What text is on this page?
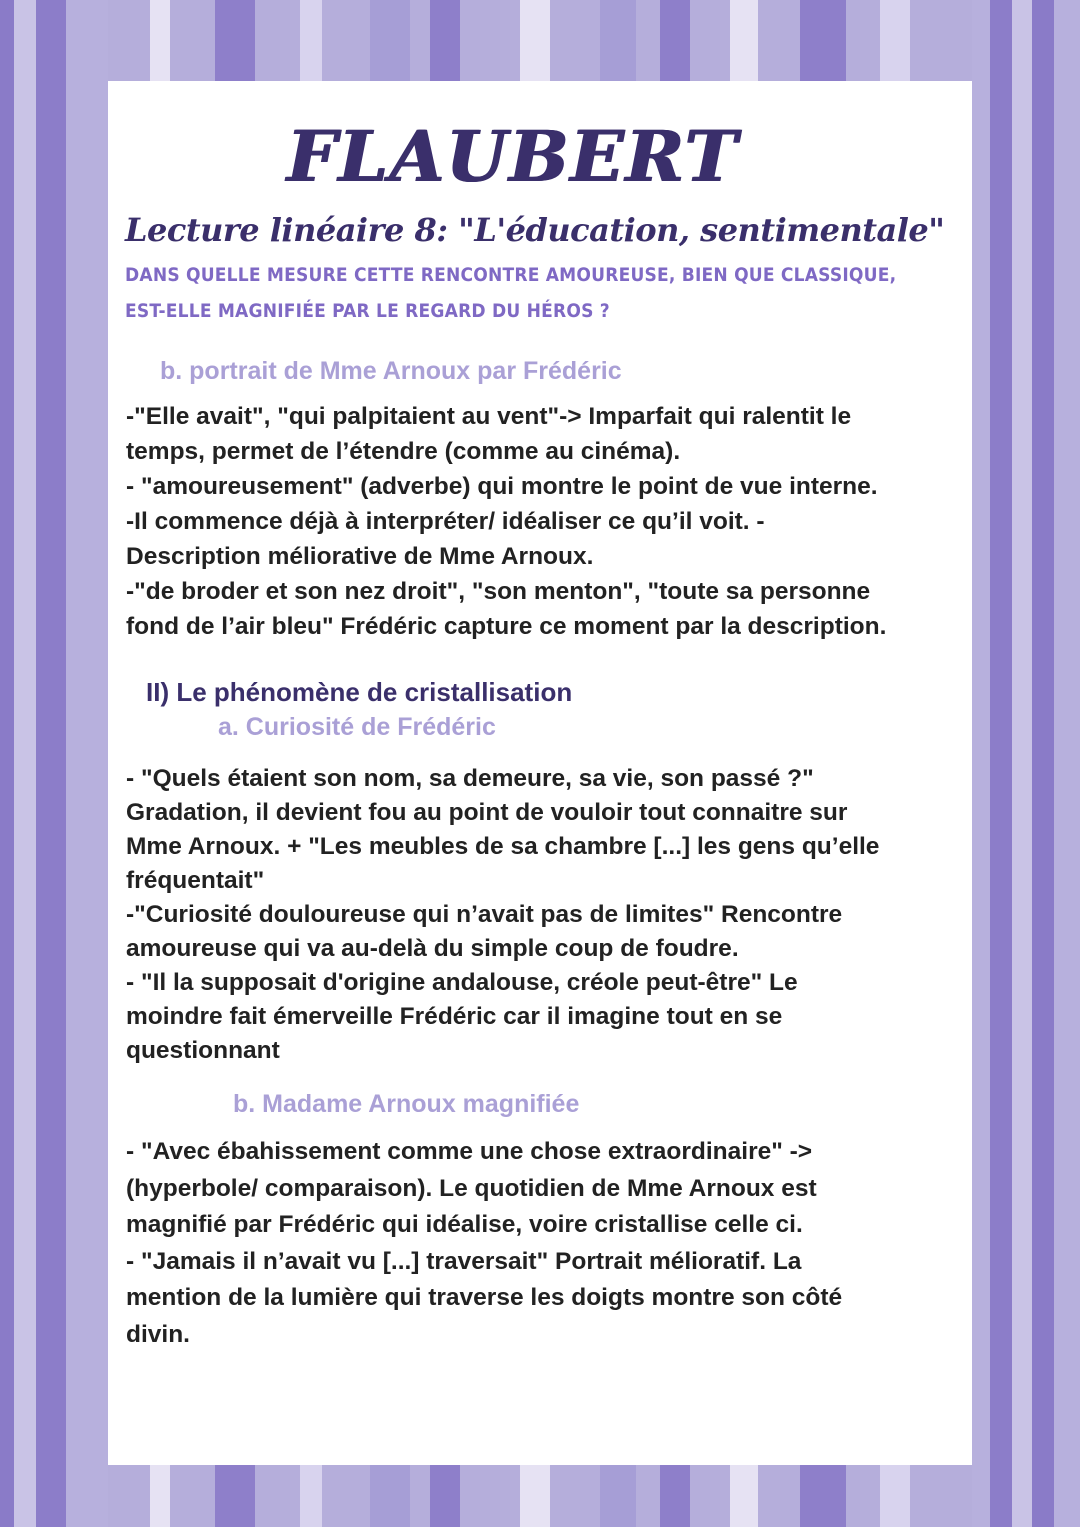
FLAUBERT
Lecture linéaire 8: "L'éducation, sentimentale"
DANS QUELLE MESURE CETTE RENCONTRE AMOUREUSE, BIEN QUE CLASSIQUE,
EST-ELLE MAGNIFIÉE PAR LE REGARD DU HÉROS ?
b. portrait de Mme Arnoux par Frédéric
-"Elle avait", "qui palpitaient au vent"-> Imparfait qui ralentit le
temps, permet de l’étendre (comme au cinéma).
- "amoureusement" (adverbe) qui montre le point de vue interne.
-Il commence déjà à interpréter/ idéaliser ce qu’il voit. -
Description méliorative de Mme Arnoux.
-"de broder et son nez droit", "son menton", "toute sa personne
fond de l’air bleu" Frédéric capture ce moment par la description.
II) Le phénomène de cristallisation
a. Curiosité de Frédéric
- "Quels étaient son nom, sa demeure, sa vie, son passé ?"
Gradation, il devient fou au point de vouloir tout connaitre sur
Mme Arnoux. + "Les meubles de sa chambre [...] les gens qu’elle
fréquentait"
-"Curiosité douloureuse qui n’avait pas de limites" Rencontre
amoureuse qui va au-delà du simple coup de foudre.
- "Il la supposait d'origine andalouse, créole peut-être" Le
moindre fait émerveille Frédéric car il imagine tout en se
questionnant
b. Madame Arnoux magnifiée
- "Avec ébahissement comme une chose extraordinaire" ->
(hyperbole/ comparaison). Le quotidien de Mme Arnoux est
magnifié par Frédéric qui idéalise, voire cristallise celle ci.
- "Jamais il n’avait vu [...] traversait" Portrait mélioratif. La
mention de la lumière qui traverse les doigts montre son côté
divin.
